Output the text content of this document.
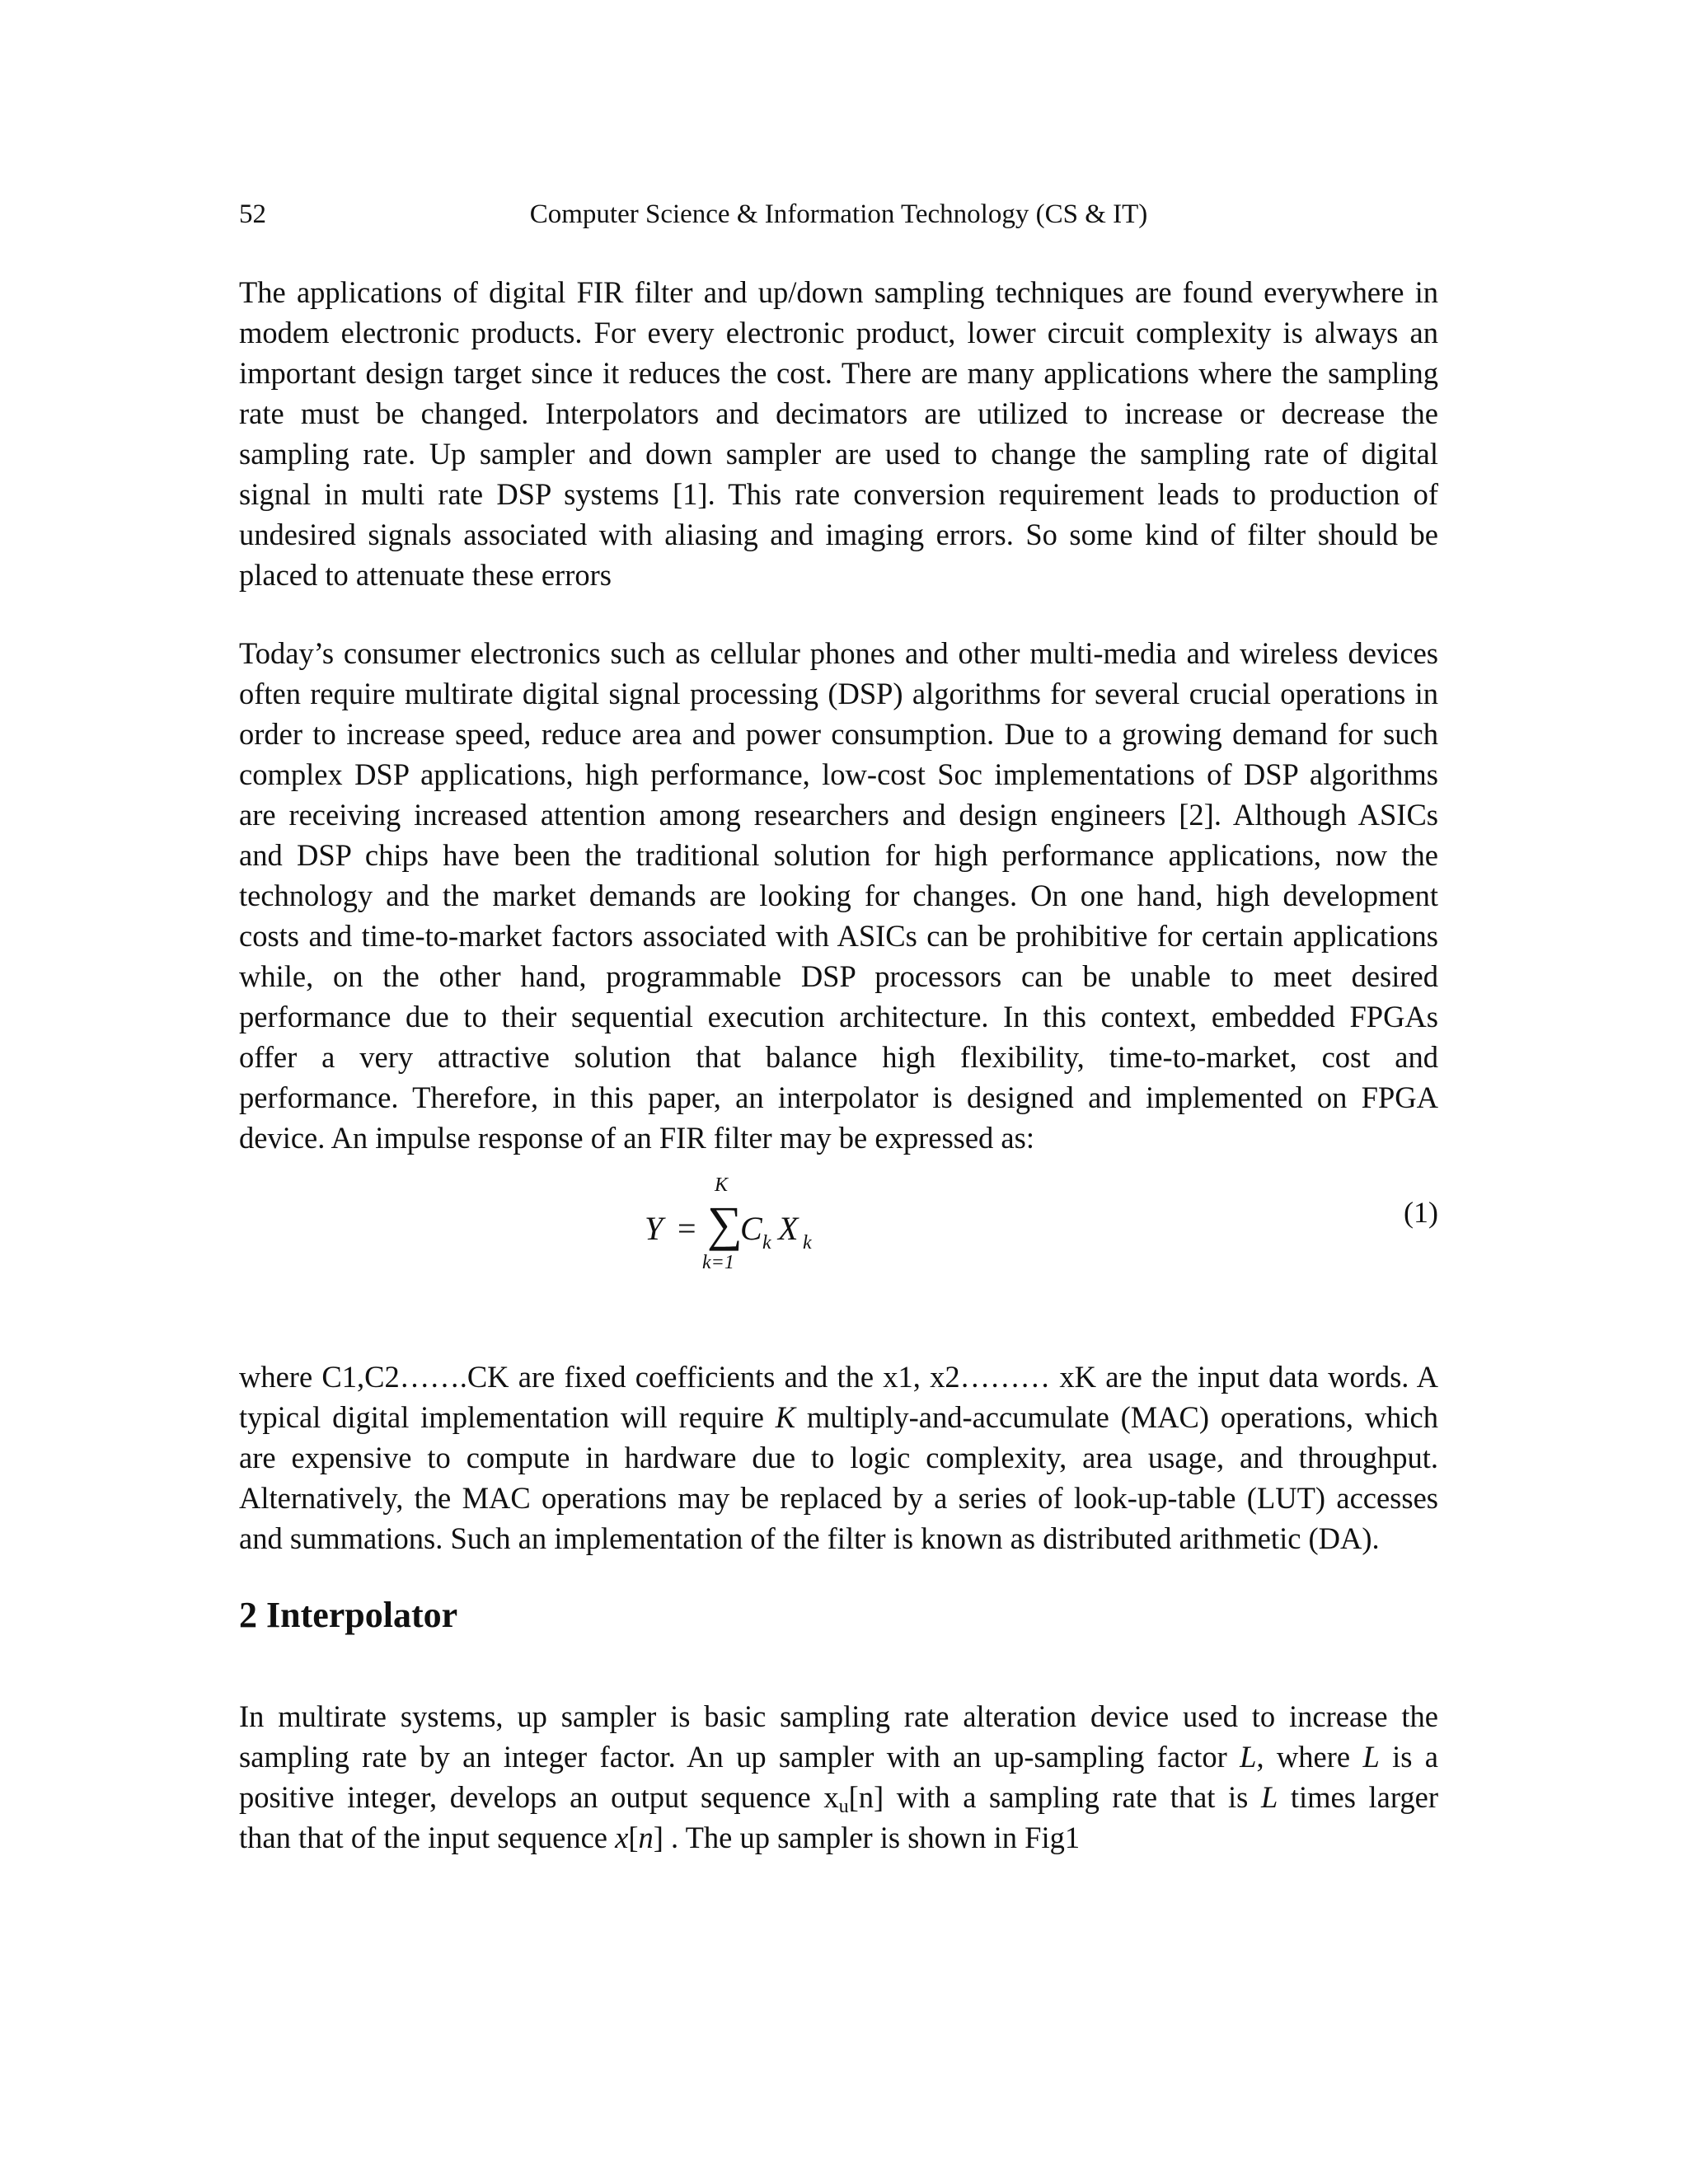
52	Computer Science & Information Technology (CS & IT)

The applications of digital FIR filter and up/down sampling techniques are found everywhere in
modem electronic products. For every electronic product, lower circuit complexity is always an
important design target since it reduces the cost. There are many applications where the sampling
rate must be changed. Interpolators and decimators are utilized to increase or decrease the
sampling rate. Up sampler and down sampler are used to change the sampling rate of digital
signal in multi rate DSP systems [1]. This rate conversion requirement leads to production of
undesired signals associated with aliasing and imaging errors. So some kind of filter should be
placed to attenuate these errors

Today’s consumer electronics such as cellular phones and other multi-media and wireless devices
often require multirate digital signal processing (DSP) algorithms for several crucial operations in
order to increase speed, reduce area and power consumption. Due to a growing demand for such
complex DSP applications, high performance, low-cost Soc implementations of DSP algorithms
are receiving increased attention among researchers and design engineers [2]. Although ASICs
and DSP chips have been the traditional solution for high performance applications, now the
technology and the market demands are looking for changes. On one hand, high development
costs and time-to-market factors associated with ASICs can be prohibitive for certain applications
while, on the other hand, programmable DSP processors can be unable to meet desired
performance due to their sequential execution architecture. In this context, embedded FPGAs
offer a very attractive solution that balance high flexibility, time-to-market, cost and
performance. Therefore, in this paper, an interpolator is designed and implemented on FPGA
device. An impulse response of an FIR filter may be expressed as:

Y =
K
∑
k=1
C k X k
(1)

where C1,C2…….CK are fixed coefficients and the x1, x2……… xK are the input data words. A
typical digital implementation will require K multiply-and-accumulate (MAC) operations, which
are expensive to compute in hardware due to logic complexity, area usage, and throughput.
Alternatively, the MAC operations may be replaced by a series of look-up-table (LUT) accesses
and summations. Such an implementation of the filter is known as distributed arithmetic (DA).

2 Interpolator

In multirate systems, up sampler is basic sampling rate alteration device used to increase the
sampling rate by an integer factor. An up sampler with an up-sampling factor L, where L is a
positive integer, develops an output sequence $x_u[n]$ with a sampling rate that is L times larger
than that of the input sequence x[n] . The up sampler is shown in Fig1
